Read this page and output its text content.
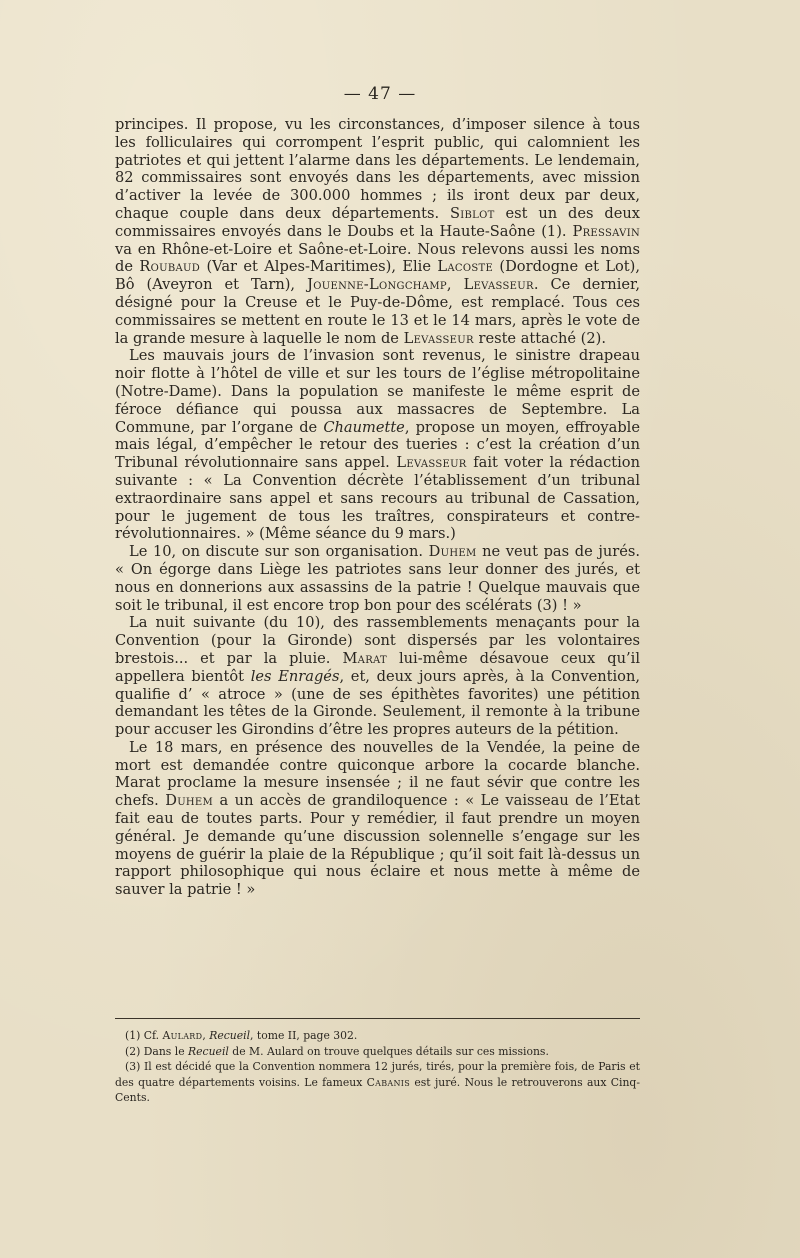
— 47 —

principes. Il propose, vu les circonstances, d’imposer silence à tous les folliculaires qui corrompent l’esprit public, qui calomnient les patriotes et qui jettent l’alarme dans les départements. Le lendemain, 82 commissaires sont envoyés dans les départements, avec mission d’activer la levée de 300.000 hommes ; ils iront deux par deux, chaque couple dans deux départements. Siblot est un des deux commissaires envoyés dans le Doubs et la Haute-Saône (1). Pressavin va en Rhône-et-Loire et Saône-et-Loire. Nous relevons aussi les noms de Roubaud (Var et Alpes-Maritimes), Elie Lacoste (Dordogne et Lot), Bô (Aveyron et Tarn), Jouenne-Longchamp, Levasseur. Ce dernier, désigné pour la Creuse et le Puy-de-Dôme, est remplacé. Tous ces commissaires se mettent en route le 13 et le 14 mars, après le vote de la grande mesure à laquelle le nom de Levasseur reste attaché (2).

Les mauvais jours de l’invasion sont revenus, le sinistre drapeau noir flotte à l’hôtel de ville et sur les tours de l’église métropolitaine (Notre-Dame). Dans la population se manifeste le même esprit de féroce défiance qui poussa aux massacres de Septembre. La Commune, par l’organe de Chaumette, propose un moyen, effroyable mais légal, d’empêcher le retour des tueries : c’est la création d’un Tribunal révolutionnaire sans appel. Levasseur fait voter la rédaction suivante : « La Convention décrète l’établissement d’un tribunal extraordinaire sans appel et sans recours au tribunal de Cassation, pour le jugement de tous les traîtres, conspirateurs et contre-révolutionnaires. » (Même séance du 9 mars.)

Le 10, on discute sur son organisation. Duhem ne veut pas de jurés. « On égorge dans Liège les patriotes sans leur donner des jurés, et nous en donnerions aux assassins de la patrie ! Quelque mauvais que soit le tribunal, il est encore trop bon pour des scélérats (3) ! »

La nuit suivante (du 10), des rassemblements menaçants pour la Convention (pour la Gironde) sont dispersés par les volontaires brestois... et par la pluie. Marat lui-même désavoue ceux qu’il appellera bientôt les Enragés, et, deux jours après, à la Convention, qualifie d’ « atroce » (une de ses épithètes favorites) une pétition demandant les têtes de la Gironde. Seulement, il remonte à la tribune pour accuser les Girondins d’être les propres auteurs de la pétition.

Le 18 mars, en présence des nouvelles de la Vendée, la peine de mort est demandée contre quiconque arbore la cocarde blanche. Marat proclame la mesure insensée ; il ne faut sévir que contre les chefs. Duhem a un accès de grandiloquence : « Le vaisseau de l’Etat fait eau de toutes parts. Pour y remédier, il faut prendre un moyen général. Je demande qu’une discussion solennelle s’engage sur les moyens de guérir la plaie de la République ; qu’il soit fait là-dessus un rapport philosophique qui nous éclaire et nous mette à même de sauver la patrie ! »

(1) Cf. Aulard, Recueil, tome II, page 302.

(2) Dans le Recueil de M. Aulard on trouve quelques détails sur ces missions.

(3) Il est décidé que la Convention nommera 12 jurés, tirés, pour la première fois, de Paris et des quatre départements voisins. Le fameux Cabanis est juré. Nous le retrouverons aux Cinq-Cents.
